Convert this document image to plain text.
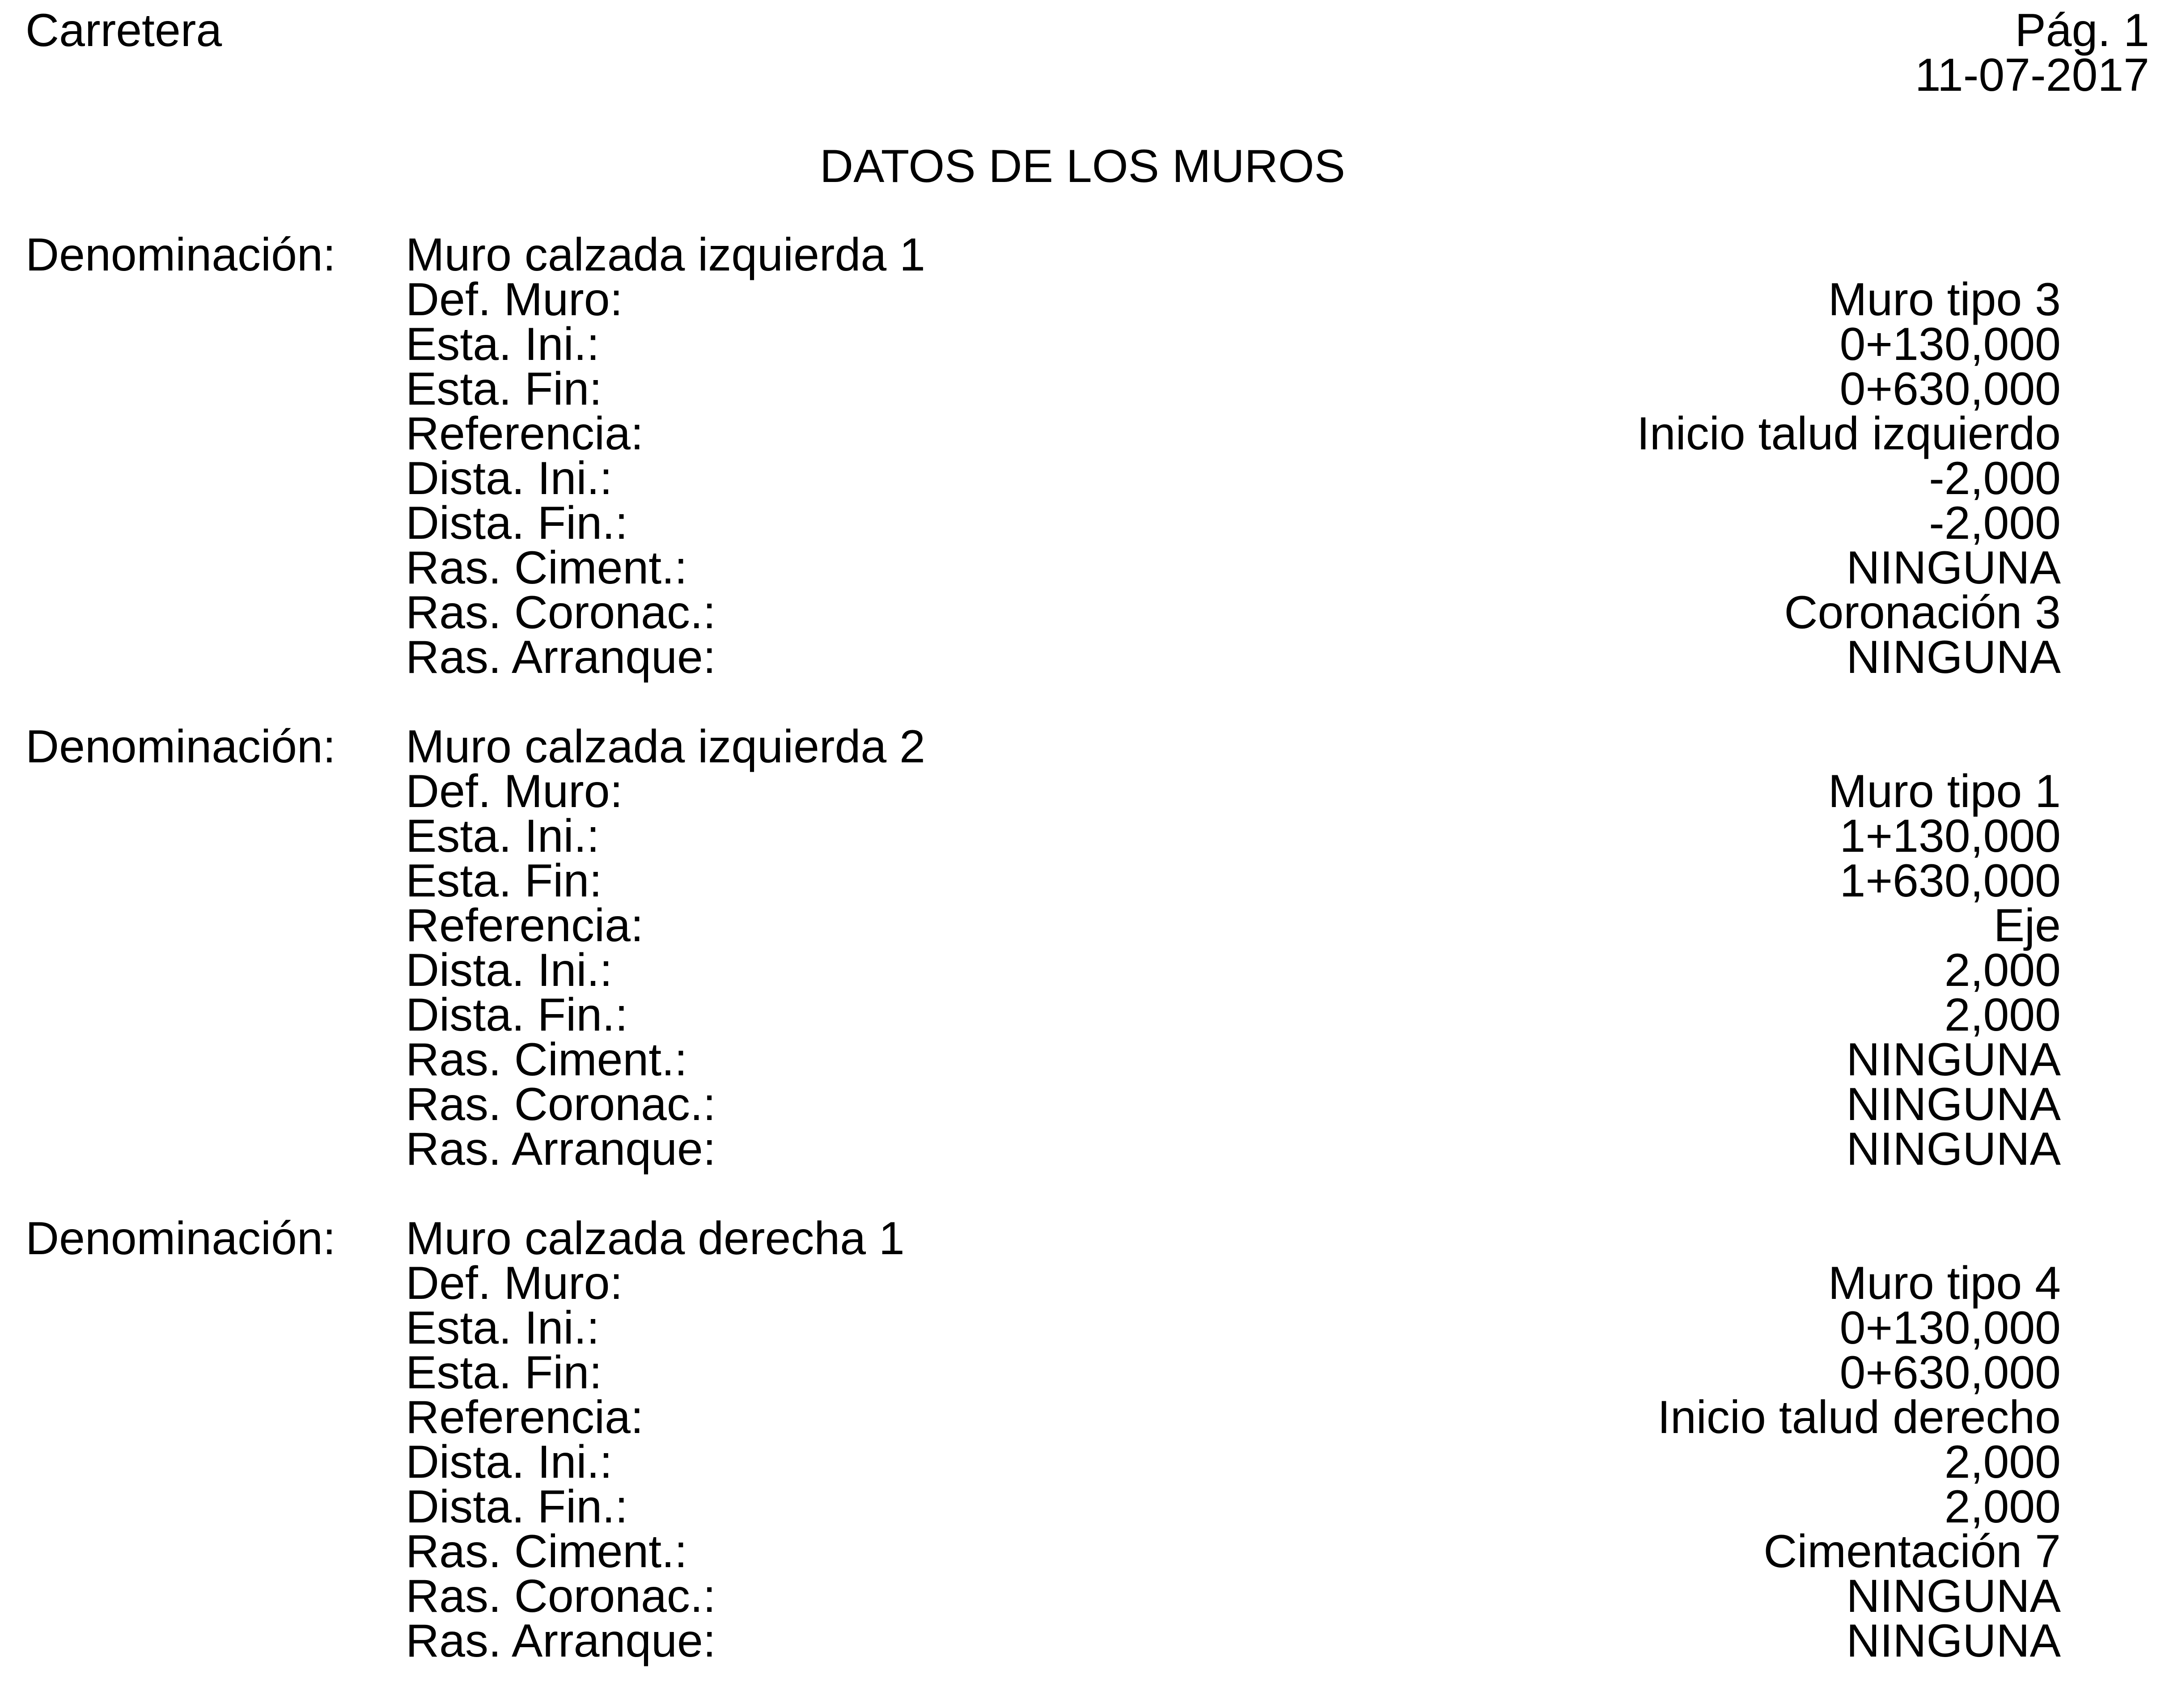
Carretera	Pág. 1
11-07-2017
DATOS DE LOS MUROS
Denominación: Muro calzada izquierda 1
Def. Muro:	Muro tipo 3
Esta. Ini.:	0+130,000
Esta. Fin:	0+630,000
Referencia:	Inicio talud izquierdo
Dista. Ini.:	-2,000
Dista. Fin.:	-2,000
Ras. Ciment.:	NINGUNA
Ras. Coronac.:	Coronación 3
Ras. Arranque:	NINGUNA
Denominación: Muro calzada izquierda 2
Def. Muro:	Muro tipo 1
Esta. Ini.:	1+130,000
Esta. Fin:	1+630,000
Referencia:	Eje
Dista. Ini.:	2,000
Dista. Fin.:	2,000
Ras. Ciment.:	NINGUNA
Ras. Coronac.:	NINGUNA
Ras. Arranque:	NINGUNA
Denominación: Muro calzada derecha 1
Def. Muro:	Muro tipo 4
Esta. Ini.:	0+130,000
Esta. Fin:	0+630,000
Referencia:	Inicio talud derecho
Dista. Ini.:	2,000
Dista. Fin.:	2,000
Ras. Ciment.:	Cimentación 7
Ras. Coronac.:	NINGUNA
Ras. Arranque:	NINGUNA
